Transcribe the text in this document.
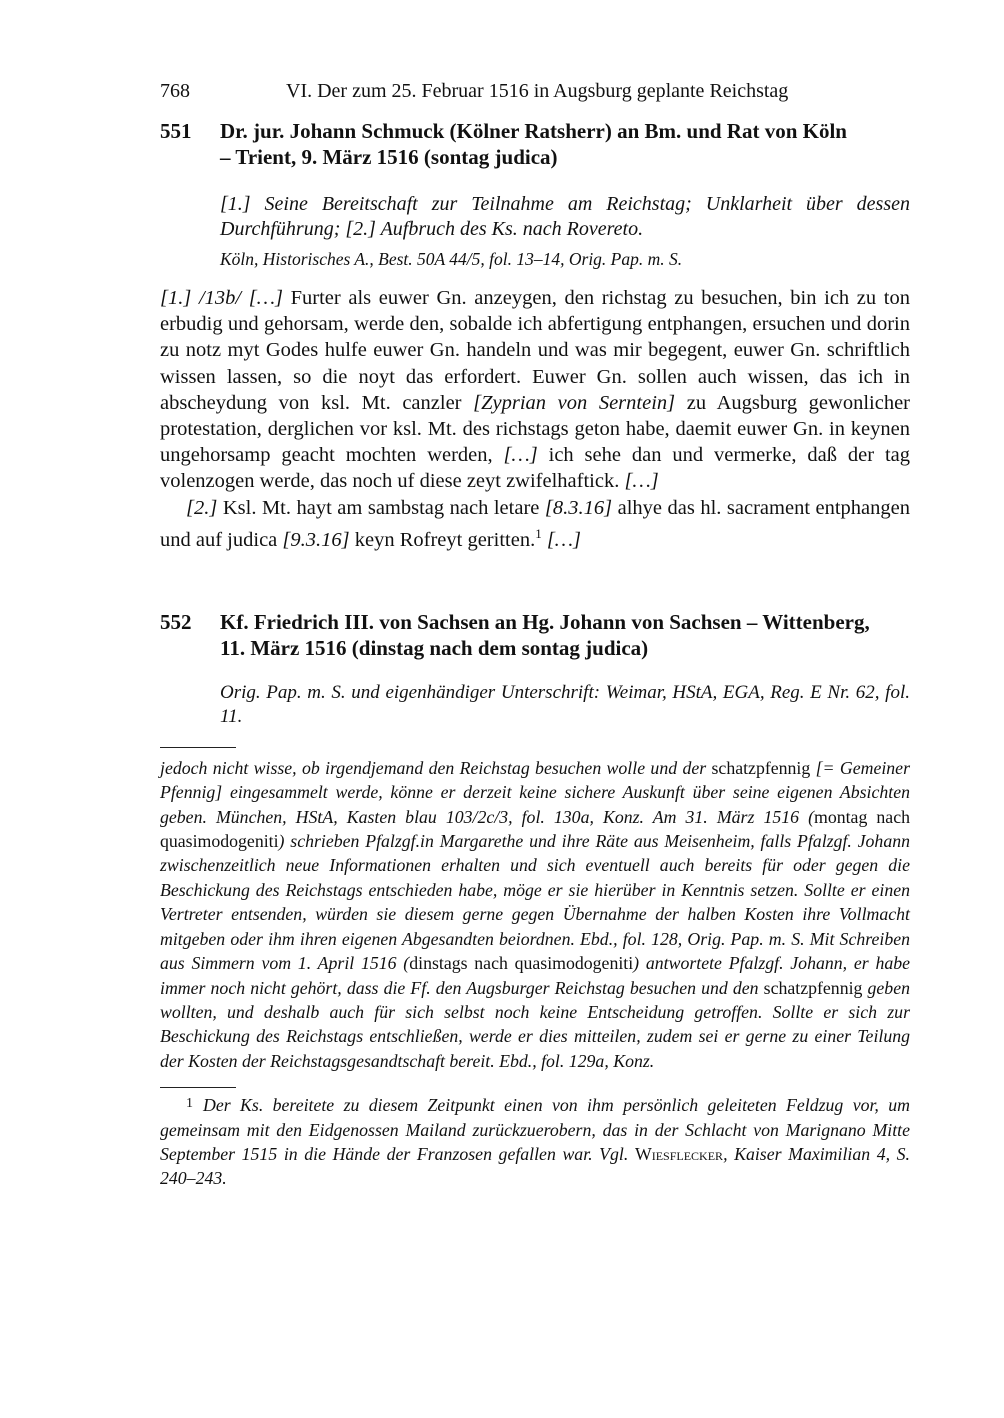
768	VI. Der zum 25. Februar 1516 in Augsburg geplante Reichstag
551	Dr. jur. Johann Schmuck (Kölner Ratsherr) an Bm. und Rat von Köln
– Trient, 9. März 1516 (sontag judica)
[1.] Seine Bereitschaft zur Teilnahme am Reichstag; Unklarheit über dessen Durchführung; [2.] Aufbruch des Ks. nach Rovereto.
Köln, Historisches A., Best. 50A 44/5, fol. 13–14, Orig. Pap. m. S.

[1.] /13b/ […] Furter als euwer Gn. anzeygen, den richstag zu besuchen, bin ich zu ton erbudig und gehorsam, werde den, sobalde ich abfertigung entphangen, ersuchen und dorin zu notz myt Godes hulfe euwer Gn. handeln und was mir begegent, euwer Gn. schriftlich wissen lassen, so die noyt das erfordert. Euwer Gn. sollen auch wissen, das ich in abscheydung von ksl. Mt. canzler [Zyprian von Serntein] zu Augsburg gewonlicher protestation, derglichen vor ksl. Mt. des richstags geton habe, daemit euwer Gn. in keynen ungehorsamp geacht mochten werden, […] ich sehe dan und vermerke, daß der tag volenzogen werde, das noch uf diese zeyt zwifelhaftick. […]

[2.] Ksl. Mt. hayt am sambstag nach letare [8.3.16] alhye das hl. sacrament entphangen und auf judica [9.3.16] keyn Rofreyt geritten.$^1$ […]

552	Kf. Friedrich III. von Sachsen an Hg. Johann von Sachsen – Wittenberg,
11. März 1516 (dinstag nach dem sontag judica)
Orig. Pap. m. S. und eigenhändiger Unterschrift: Weimar, HStA, EGA, Reg. E Nr. 62, fol. 11.
jedoch nicht wisse, ob irgendjemand den Reichstag besuchen wolle und der schatzpfennig [= Gemeiner Pfennig] eingesammelt werde, könne er derzeit keine sichere Auskunft über seine eigenen Absichten geben. München, HStA, Kasten blau 103/2c/3, fol. 130a, Konz. Am 31. März 1516 (montag nach quasimodogeniti) schrieben Pfalzgf.in Margarethe und ihre Räte aus Meisenheim, falls Pfalzgf. Johann zwischenzeitlich neue Informationen erhalten und sich eventuell auch bereits für oder gegen die Beschickung des Reichstags entschieden habe, möge er sie hierüber in Kenntnis setzen. Sollte er einen Vertreter entsenden, würden sie diesem gerne gegen Übernahme der halben Kosten ihre Vollmacht mitgeben oder ihm ihren eigenen Abgesandten beiordnen. Ebd., fol. 128, Orig. Pap. m. S. Mit Schreiben aus Simmern vom 1. April 1516 (dinstags nach quasimodogeniti) antwortete Pfalzgf. Johann, er habe immer noch nicht gehört, dass die Ff. den Augsburger Reichstag besuchen und den schatzpfennig geben wollten, und deshalb auch für sich selbst noch keine Entscheidung getroffen. Sollte er sich zur Beschickung des Reichstags entschließen, werde er dies mitteilen, zudem sei er gerne zu einer Teilung der Kosten der Reichstagsgesandtschaft bereit. Ebd., fol. 129a, Konz.
$^1$ Der Ks. bereitete zu diesem Zeitpunkt einen von ihm persönlich geleiteten Feldzug vor, um gemeinsam mit den Eidgenossen Mailand zurückzuerobern, das in der Schlacht von Marignano Mitte September 1515 in die Hände der Franzosen gefallen war. Vgl. Wiesflecker, Kaiser Maximilian 4, S. 240–243.
